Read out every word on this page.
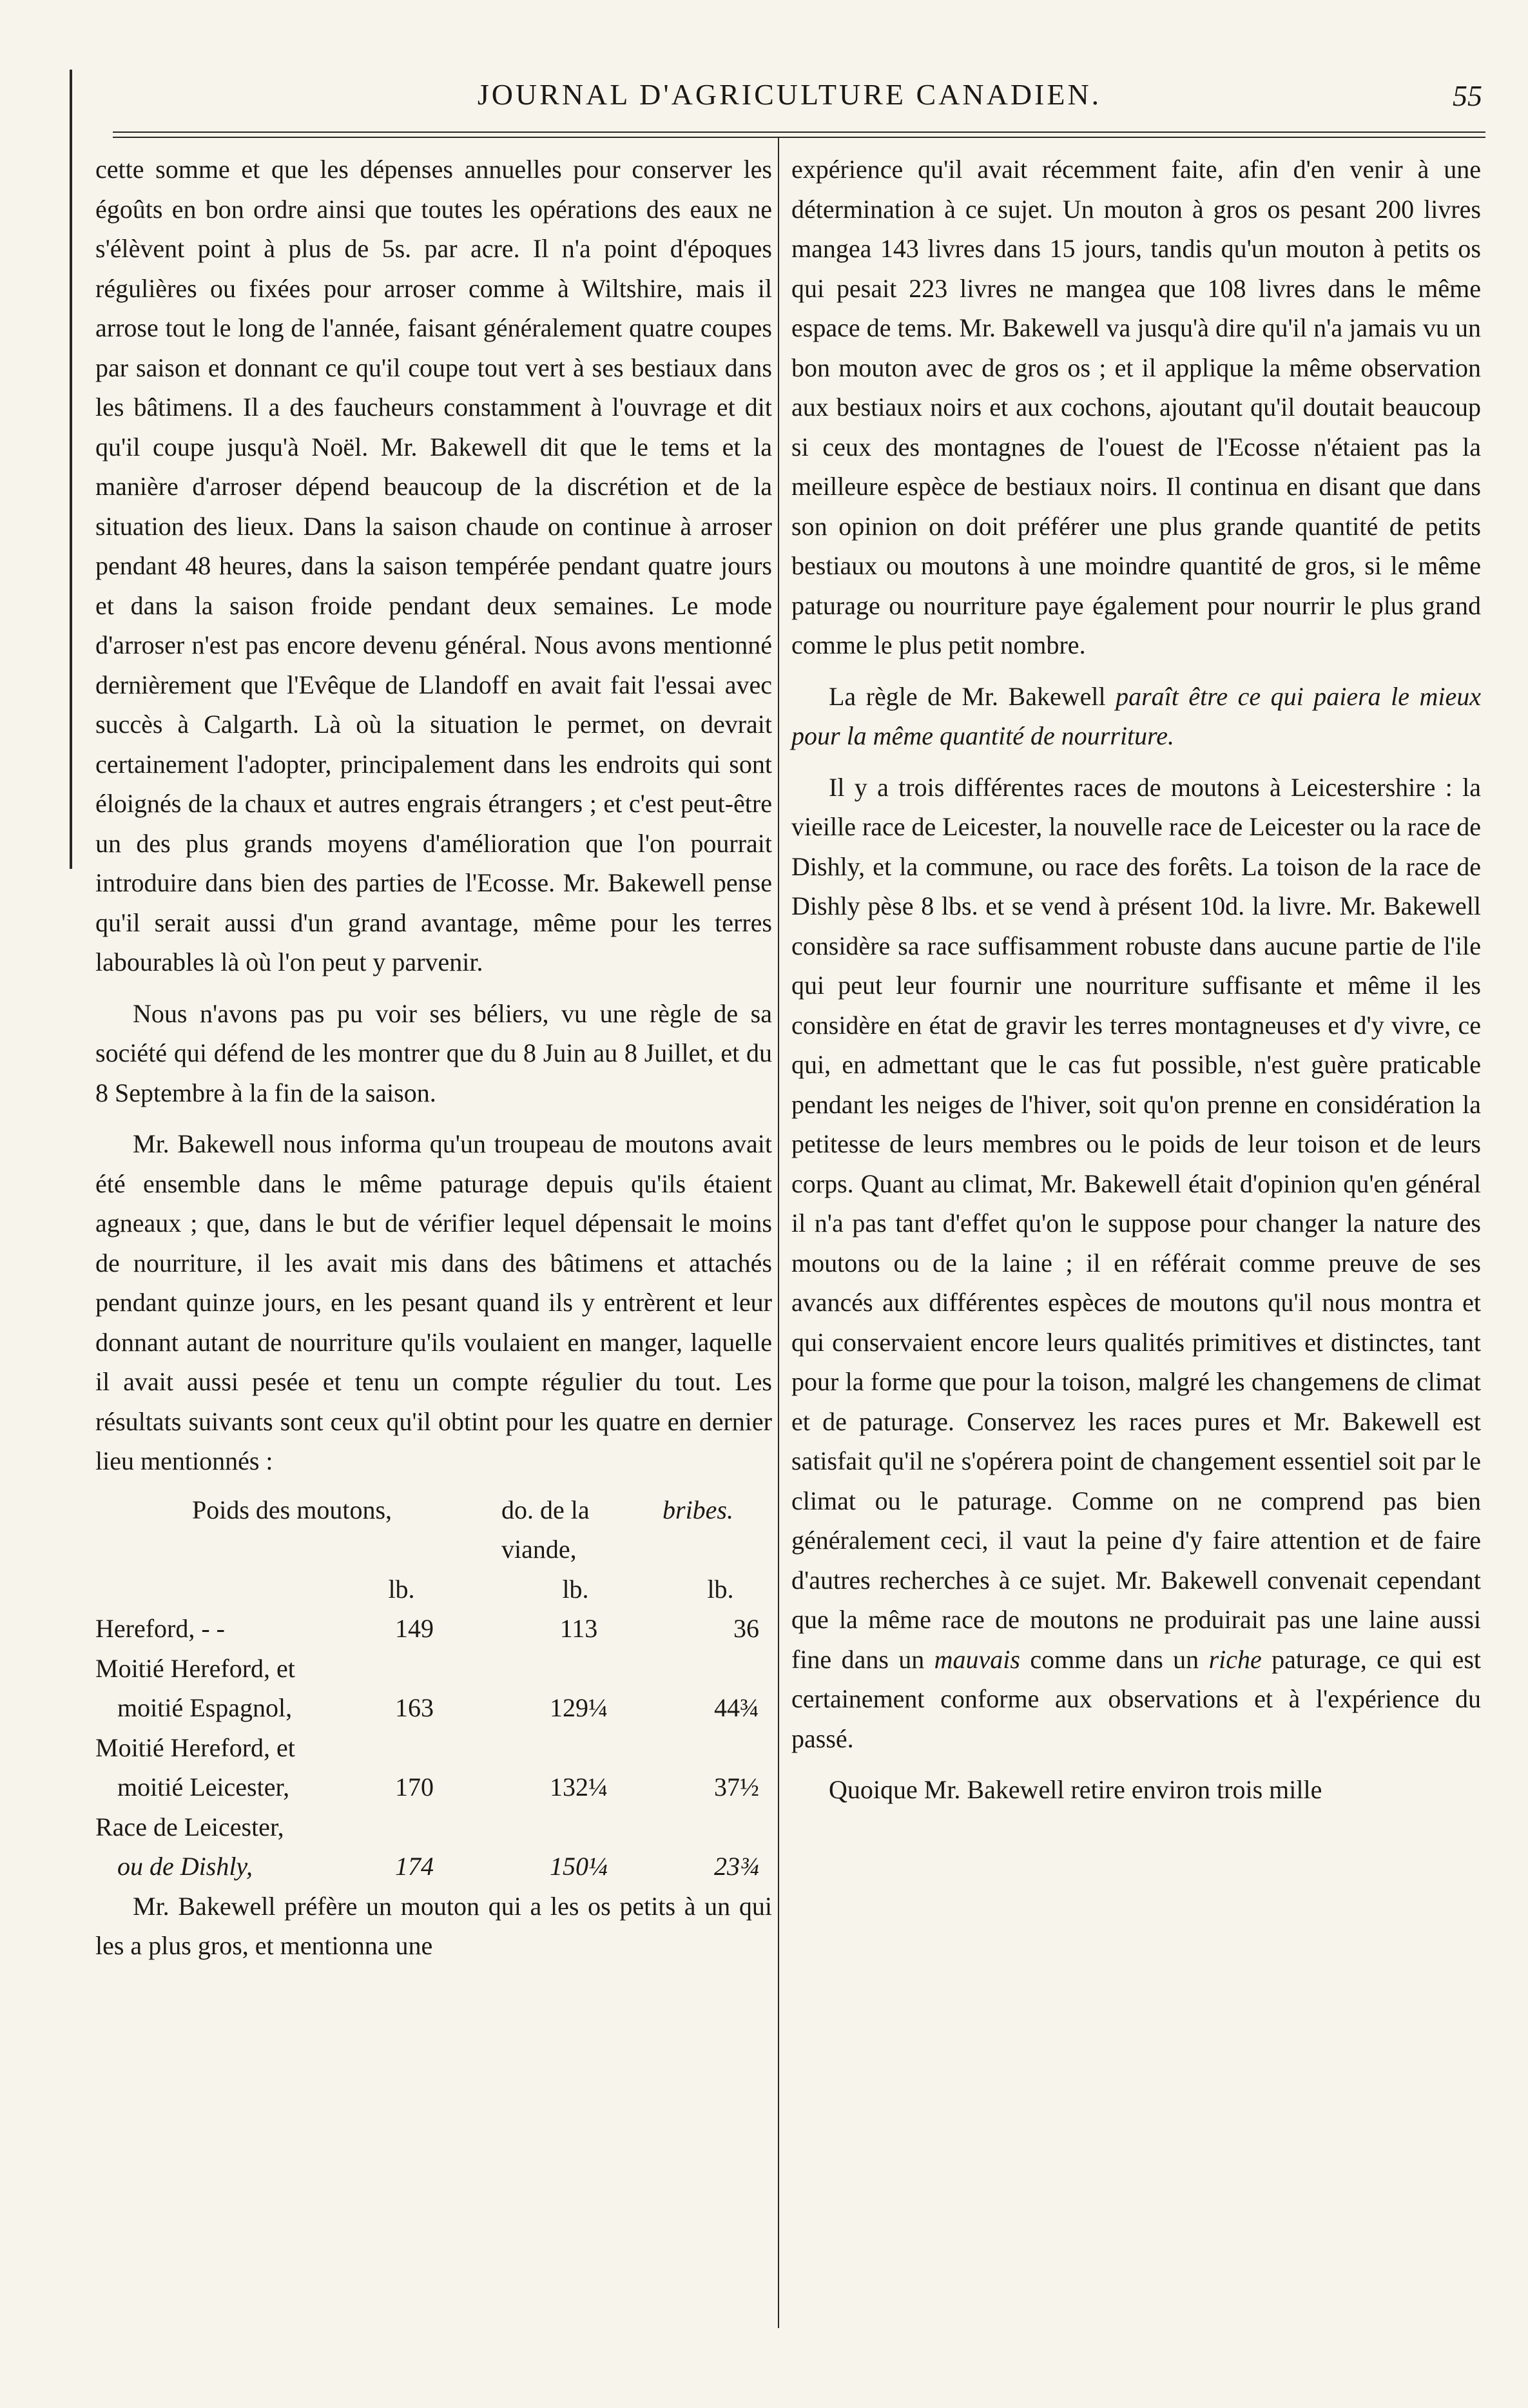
JOURNAL D'AGRICULTURE CANADIEN.	55

cette somme et que les dépenses annuelles pour conserver les égoûts en bon ordre ainsi que toutes les opérations des eaux ne s'élèvent point à plus de 5s. par acre. Il n'a point d'époques régulières ou fixées pour arroser comme à Wiltshire, mais il arrose tout le long de l'année, faisant généralement quatre coupes par saison et donnant ce qu'il coupe tout vert à ses bestiaux dans les bâtimens. Il a des faucheurs constamment à l'ouvrage et dit qu'il coupe jusqu'à Noël. Mr. Bakewell dit que le tems et la manière d'arroser dépend beaucoup de la discrétion et de la situation des lieux. Dans la saison chaude on continue à arroser pendant 48 heures, dans la saison tempérée pendant quatre jours et dans la saison froide pendant deux semaines. Le mode d'arroser n'est pas encore devenu général. Nous avons mentionné dernièrement que l'Evêque de Llandoff en avait fait l'essai avec succès à Calgarth. Là où la situation le permet, on devrait certainement l'adopter, principalement dans les endroits qui sont éloignés de la chaux et autres engrais étrangers ; et c'est peut-être un des plus grands moyens d'amélioration que l'on pourrait introduire dans bien des parties de l'Ecosse. Mr. Bakewell pense qu'il serait aussi d'un grand avantage, même pour les terres labourables là où l'on peut y parvenir.

Nous n'avons pas pu voir ses béliers, vu une règle de sa société qui défend de les montrer que du 8 Juin au 8 Juillet, et du 8 Septembre à la fin de la saison.

Mr. Bakewell nous informa qu'un troupeau de moutons avait été ensemble dans le même paturage depuis qu'ils étaient agneaux ; que, dans le but de vérifier lequel dépensait le moins de nourriture, il les avait mis dans des bâtimens et attachés pendant quinze jours, en les pesant quand ils y entrèrent et leur donnant autant de nourriture qu'ils voulaient en manger, laquelle il avait aussi pesée et tenu un compte régulier du tout. Les résultats suivants sont ceux qu'il obtint pour les quatre en dernier lieu mentionnés :

Poids des moutons,	do. de la viande,
bribes.
lb.	lb.	lb.
Hereford, - -	149	113	36
Moitié Hereford, et
moitié Espagnol,	163	129¼	44¾
Moitié Hereford, et
moitié Leicester,	170	132¼	37½
Race de Leicester,
ou de Dishly,	174	150¼	23¾

Mr. Bakewell préfère un mouton qui a les os petits à un qui les a plus gros, et mentionna une

expérience qu'il avait récemment faite, afin d'en venir à une détermination à ce sujet. Un mouton à gros os pesant 200 livres mangea 143 livres dans 15 jours, tandis qu'un mouton à petits os qui pesait 223 livres ne mangea que 108 livres dans le même espace de tems. Mr. Bakewell va jusqu'à dire qu'il n'a jamais vu un bon mouton avec de gros os ; et il applique la même observation aux bestiaux noirs et aux cochons, ajoutant qu'il doutait beaucoup si ceux des montagnes de l'ouest de l'Ecosse n'étaient pas la meilleure espèce de bestiaux noirs. Il continua en disant que dans son opinion on doit préférer une plus grande quantité de petits bestiaux ou moutons à une moindre quantité de gros, si le même paturage ou nourriture paye également pour nourrir le plus grand comme le plus petit nombre.

La règle de Mr. Bakewell paraît être ce qui paiera le mieux pour la même quantité de nourriture.

Il y a trois différentes races de moutons à Leicestershire : la vieille race de Leicester, la nouvelle race de Leicester ou la race de Dishly, et la commune, ou race des forêts. La toison de la race de Dishly pèse 8 lbs. et se vend à présent 10d. la livre. Mr. Bakewell considère sa race suffisamment robuste dans aucune partie de l'ile qui peut leur fournir une nourriture suffisante et même il les considère en état de gravir les terres montagneuses et d'y vivre, ce qui, en admettant que le cas fut possible, n'est guère praticable pendant les neiges de l'hiver, soit qu'on prenne en considération la petitesse de leurs membres ou le poids de leur toison et de leurs corps. Quant au climat, Mr. Bakewell était d'opinion qu'en général il n'a pas tant d'effet qu'on le suppose pour changer la nature des moutons ou de la laine ; il en référait comme preuve de ses avancés aux différentes espèces de moutons qu'il nous montra et qui conservaient encore leurs qualités primitives et distinctes, tant pour la forme que pour la toison, malgré les changemens de climat et de paturage. Conservez les races pures et Mr. Bakewell est satisfait qu'il ne s'opérera point de changement essentiel soit par le climat ou le paturage. Comme on ne comprend pas bien généralement ceci, il vaut la peine d'y faire attention et de faire d'autres recherches à ce sujet. Mr. Bakewell convenait cependant que la même race de moutons ne produirait pas une laine aussi fine dans un mauvais comme dans un riche paturage, ce qui est certainement conforme aux observations et à l'expérience du passé.

Quoique Mr. Bakewell retire environ trois mille
